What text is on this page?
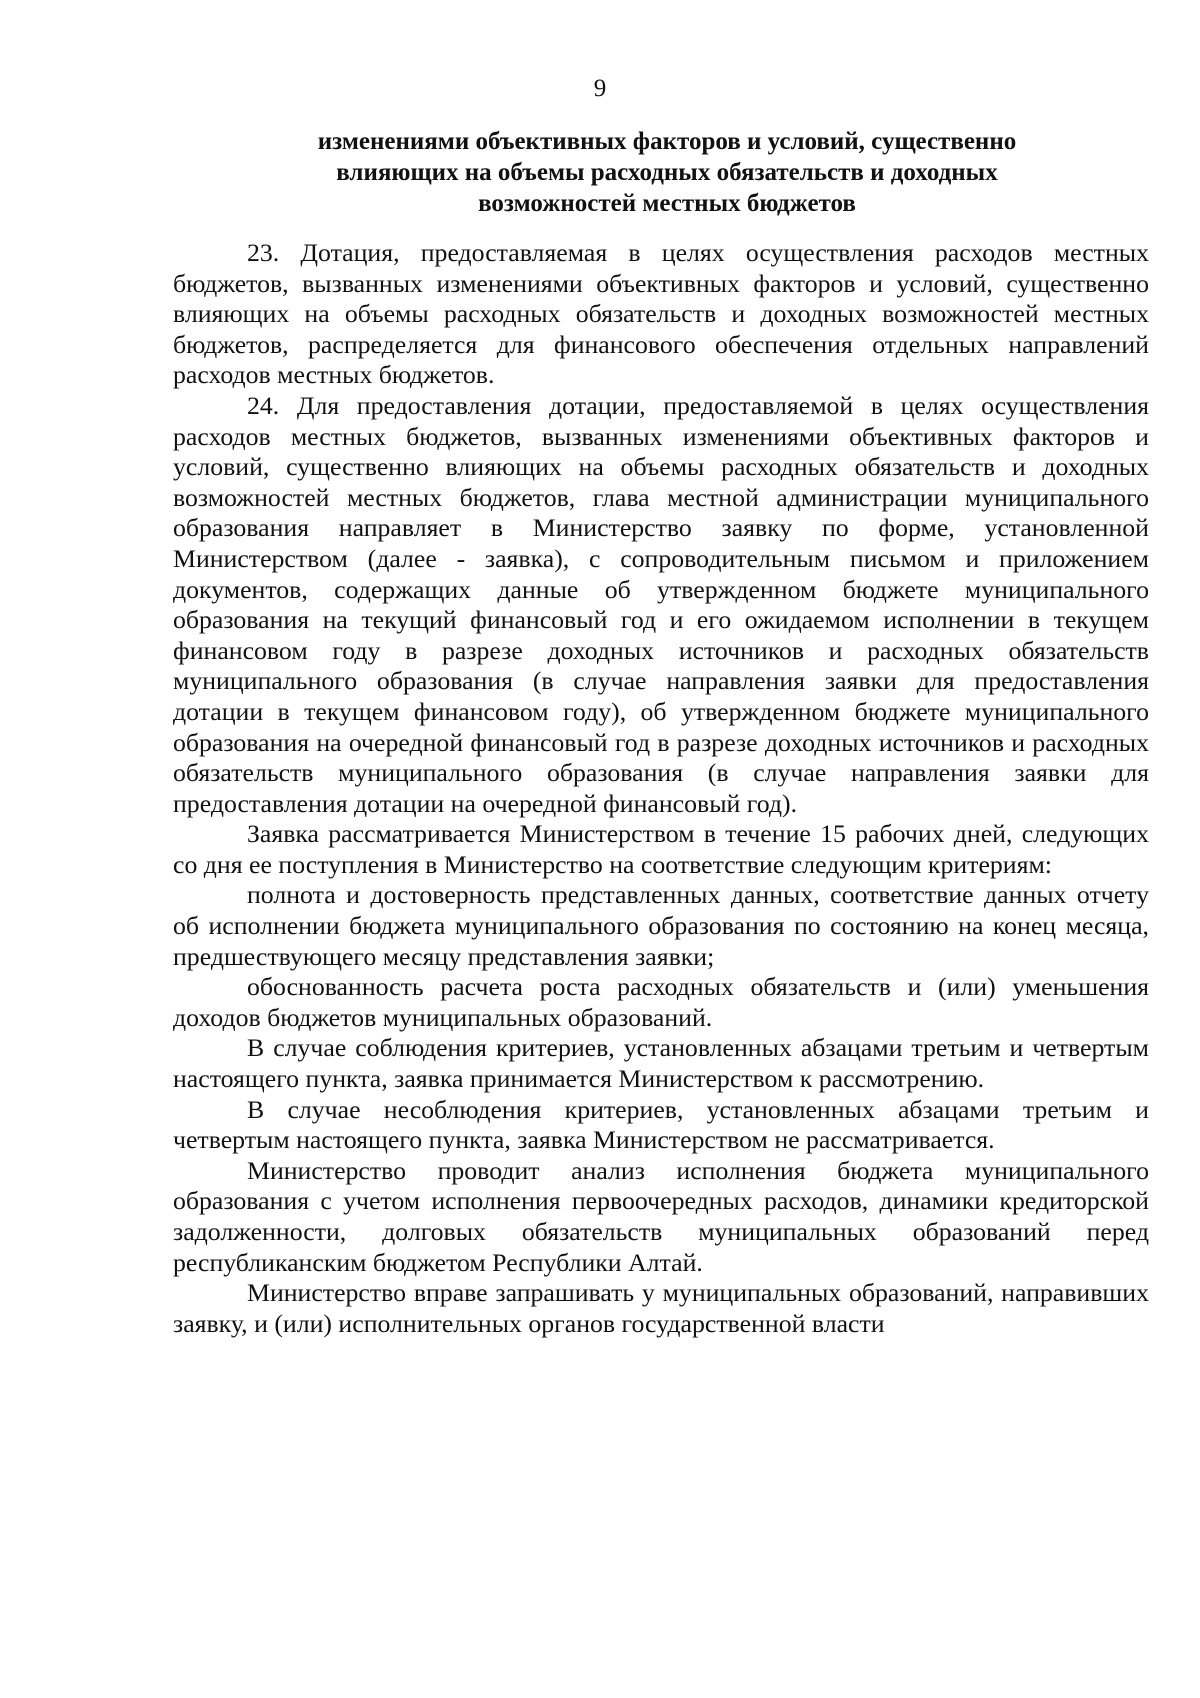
9
изменениями объективных факторов и условий, существенно
влияющих на объемы расходных обязательств и доходных
возможностей местных бюджетов

23. Дотация, предоставляемая в целях осуществления расходов местных бюджетов, вызванных изменениями объективных факторов и условий, существенно влияющих на объемы расходных обязательств и доходных возможностей местных бюджетов, распределяется для финансового обеспечения отдельных направлений расходов местных бюджетов.

24. Для предоставления дотации, предоставляемой в целях осуществления расходов местных бюджетов, вызванных изменениями объективных факторов и условий, существенно влияющих на объемы расходных обязательств и доходных возможностей местных бюджетов, глава местной администрации муниципального образования направляет в Министерство заявку по форме, установленной Министерством (далее - заявка), с сопроводительным письмом и приложением документов, содержащих данные об утвержденном бюджете муниципального образования на текущий финансовый год и его ожидаемом исполнении в текущем финансовом году в разрезе доходных источников и расходных обязательств муниципального образования (в случае направления заявки для предоставления дотации в текущем финансовом году), об утвержденном бюджете муниципального образования на очередной финансовый год в разрезе доходных источников и расходных обязательств муниципального образования (в случае направления заявки для предоставления дотации на очередной финансовый год).

Заявка рассматривается Министерством в течение 15 рабочих дней, следующих со дня ее поступления в Министерство на соответствие следующим критериям:

полнота и достоверность представленных данных, соответствие данных отчету об исполнении бюджета муниципального образования по состоянию на конец месяца, предшествующего месяцу представления заявки;

обоснованность расчета роста расходных обязательств и (или) уменьшения доходов бюджетов муниципальных образований.

В случае соблюдения критериев, установленных абзацами третьим и четвертым настоящего пункта, заявка принимается Министерством к рассмотрению.

В случае несоблюдения критериев, установленных абзацами третьим и четвертым настоящего пункта, заявка Министерством не рассматривается.

Министерство проводит анализ исполнения бюджета муниципального образования с учетом исполнения первоочередных расходов, динамики кредиторской задолженности, долговых обязательств муниципальных образований перед республиканским бюджетом Республики Алтай.

Министерство вправе запрашивать у муниципальных образований, направивших заявку, и (или) исполнительных органов государственной власти
